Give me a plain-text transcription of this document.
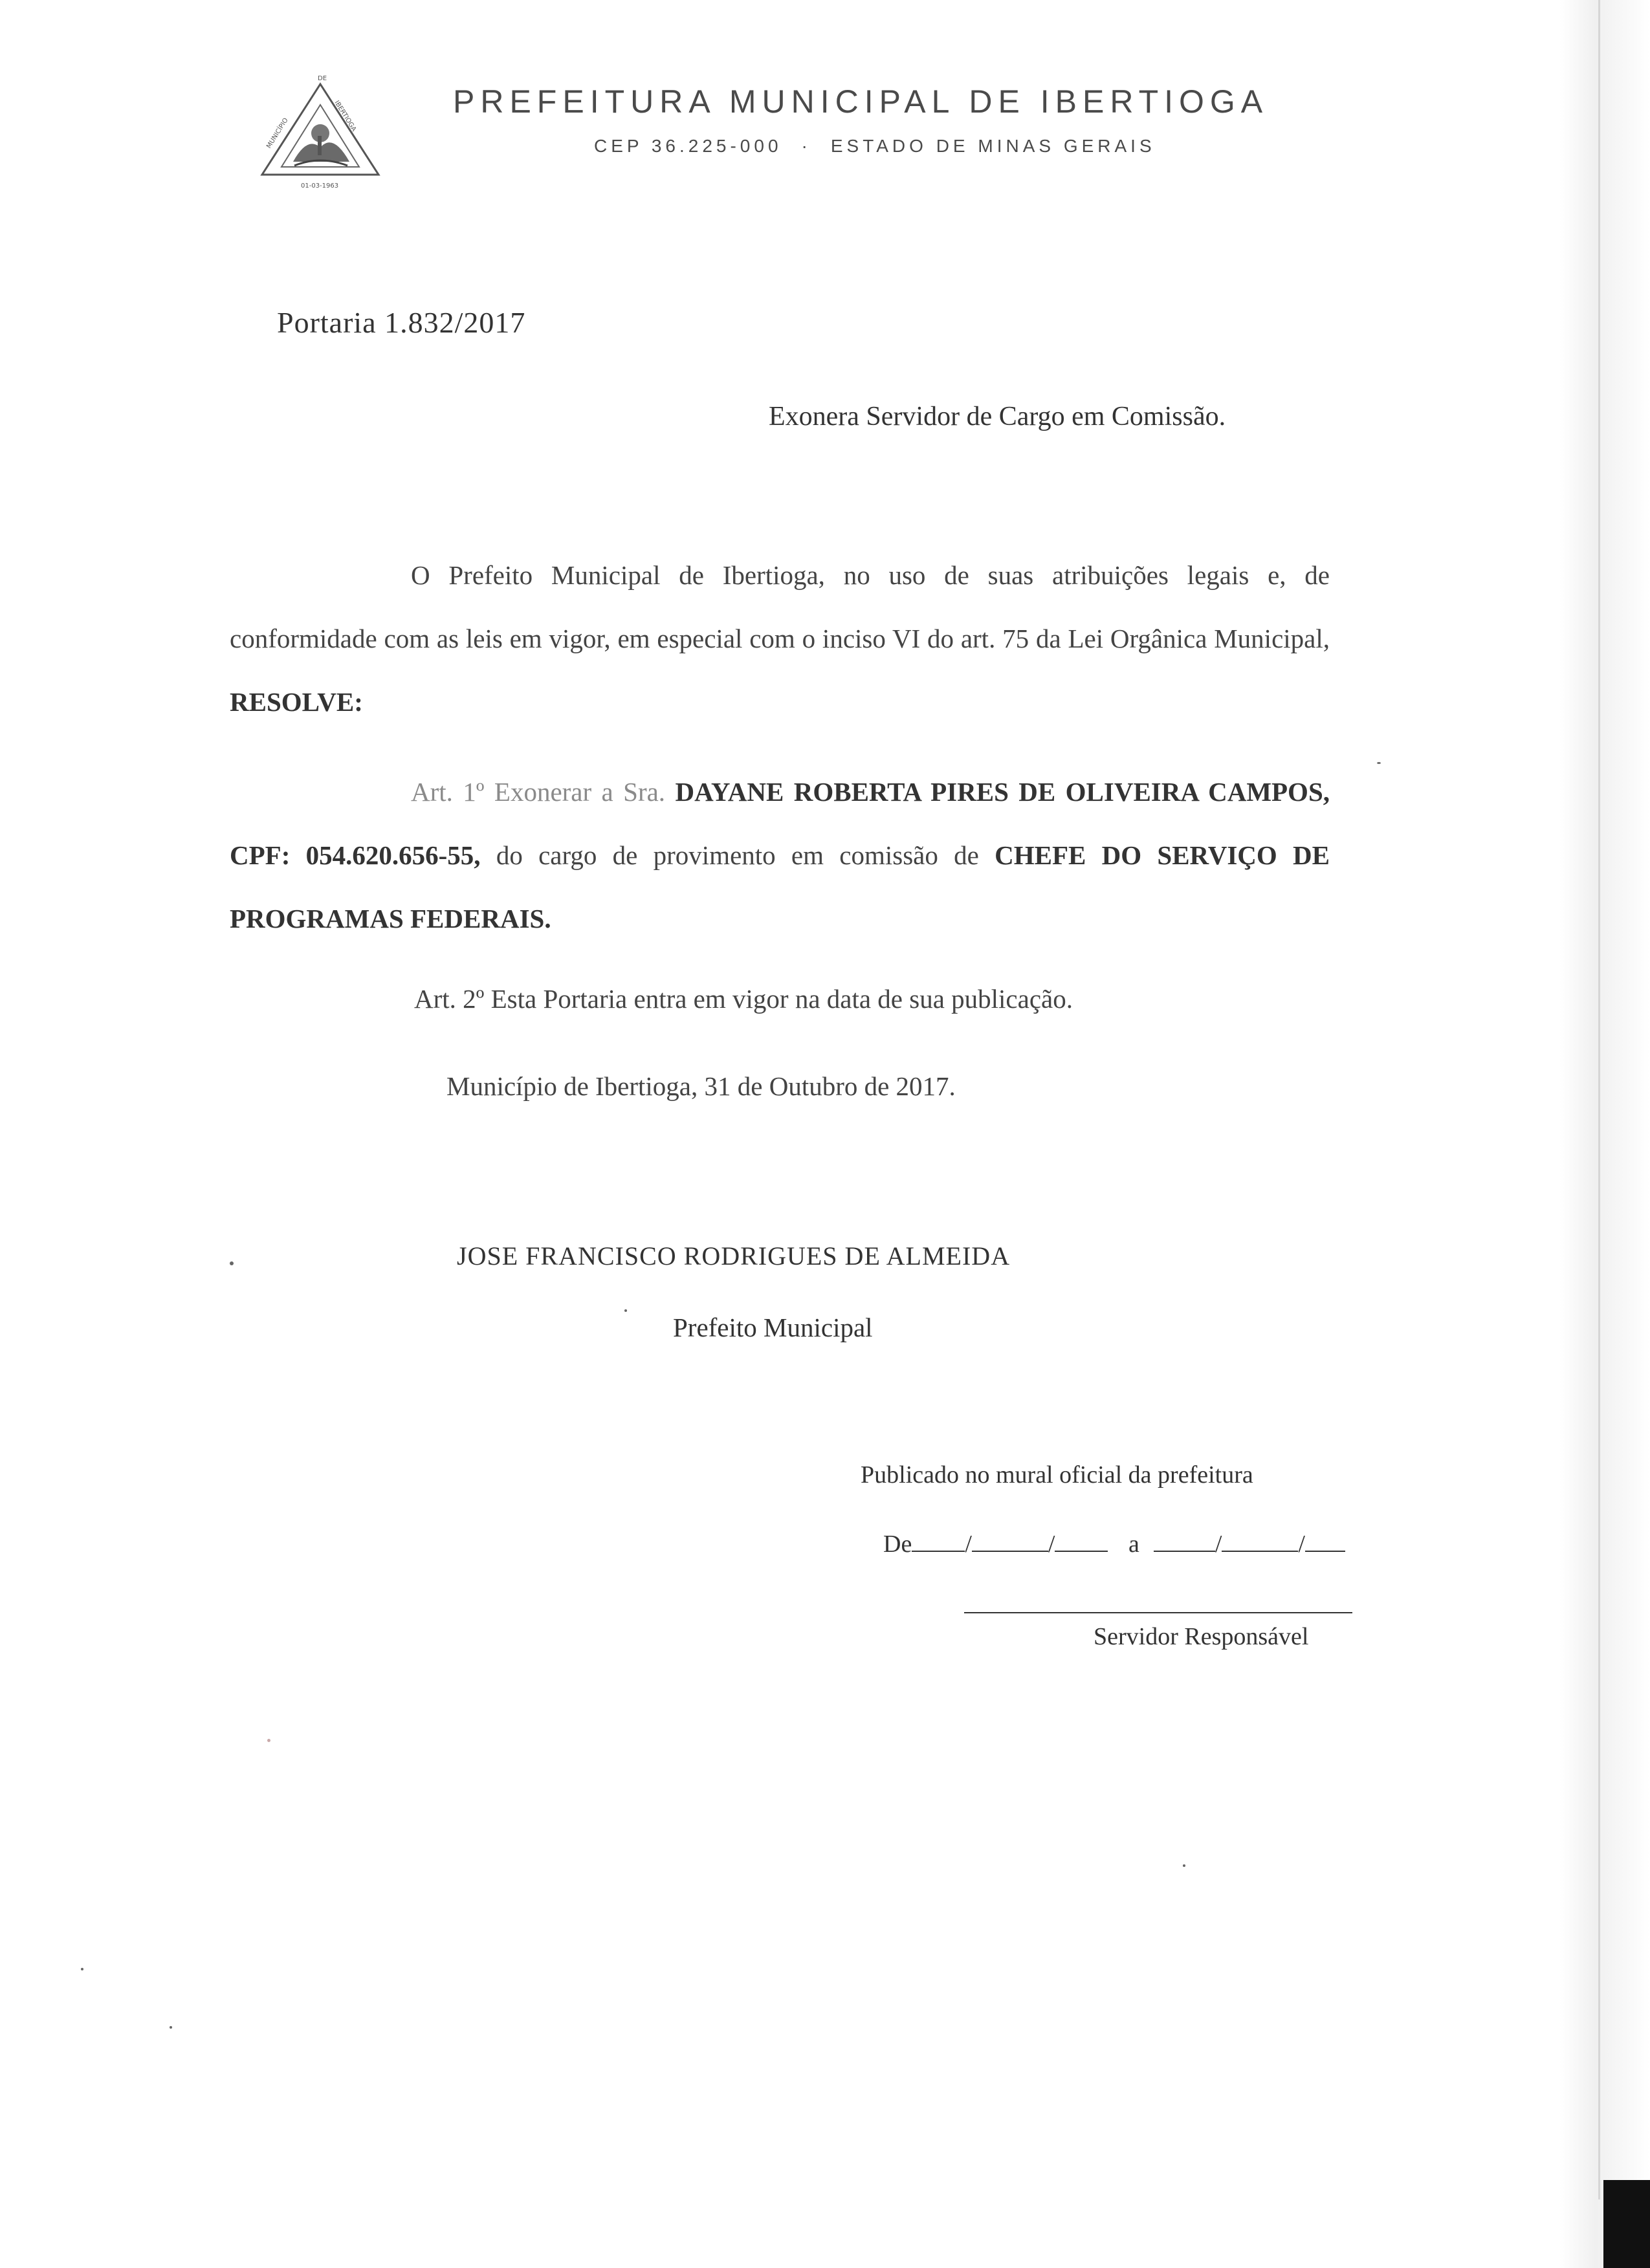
DE
MUNICÍPIO
IBERTIOGA
01-03-1963
PREFEITURA MUNICIPAL DE IBERTIOGA
CEP 36.225-000 · ESTADO DE MINAS GERAIS
Portaria 1.832/2017
Exonera Servidor de Cargo em Comissão.
O Prefeito Municipal de Ibertioga, no uso de suas atribuições legais e, de conformidade com as leis em vigor, em especial com o inciso VI do art. 75 da Lei Orgânica Municipal, RESOLVE:
Art. 1º Exonerar a Sra. DAYANE ROBERTA PIRES DE OLIVEIRA CAMPOS, CPF: 054.620.656-55, do cargo de provimento em comissão de CHEFE DO SERVIÇO DE PROGRAMAS FEDERAIS.
Art. 2º Esta Portaria entra em vigor na data de sua publicação.
Município de Ibertioga, 31 de Outubro de 2017.
JOSE FRANCISCO RODRIGUES DE ALMEIDA
Prefeito Municipal
Publicado no mural oficial da prefeitura
De /	/	a	/	/
Servidor Responsável
